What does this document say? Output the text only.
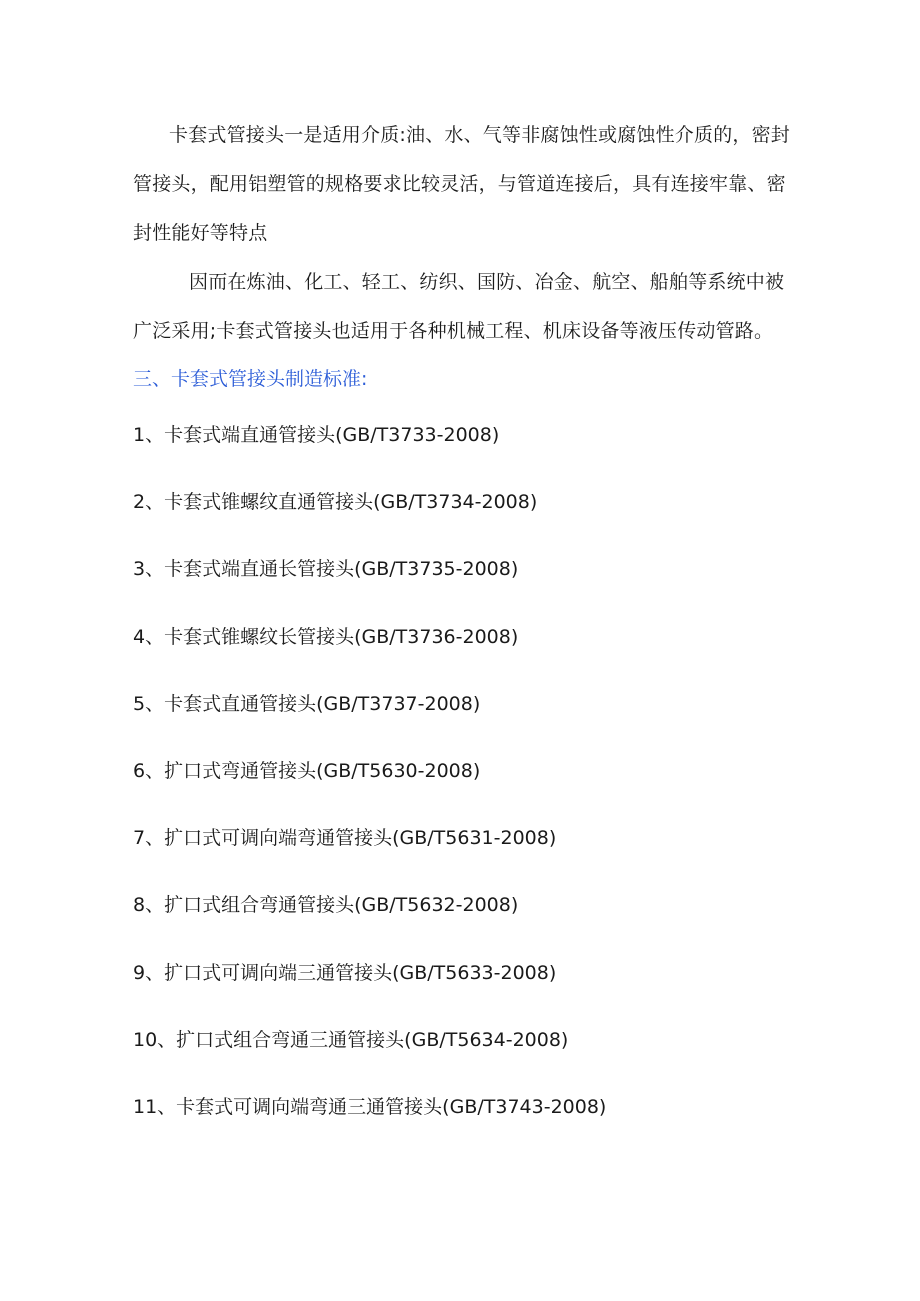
卡套式管接头一是适用介质:油、水、气等非腐蚀性或腐蚀性介质的，密封管接头，配用铝塑管的规格要求比较灵活，与管道连接后，具有连接牢靠、密封性能好等特点

因而在炼油、化工、轻工、纺织、国防、冶金、航空、船舶等系统中被广泛采用;卡套式管接头也适用于各种机械工程、机床设备等液压传动管路。

三、卡套式管接头制造标准:
1、卡套式端直通管接头(GB/T3733-2008)
2、卡套式锥螺纹直通管接头(GB/T3734-2008)
3、卡套式端直通长管接头(GB/T3735-2008)
4、卡套式锥螺纹长管接头(GB/T3736-2008)
5、卡套式直通管接头(GB/T3737-2008)
6、扩口式弯通管接头(GB/T5630-2008)
7、扩口式可调向端弯通管接头(GB/T5631-2008)
8、扩口式组合弯通管接头(GB/T5632-2008)
9、扩口式可调向端三通管接头(GB/T5633-2008)
10、扩口式组合弯通三通管接头(GB/T5634-2008)
11、卡套式可调向端弯通三通管接头(GB/T3743-2008)
